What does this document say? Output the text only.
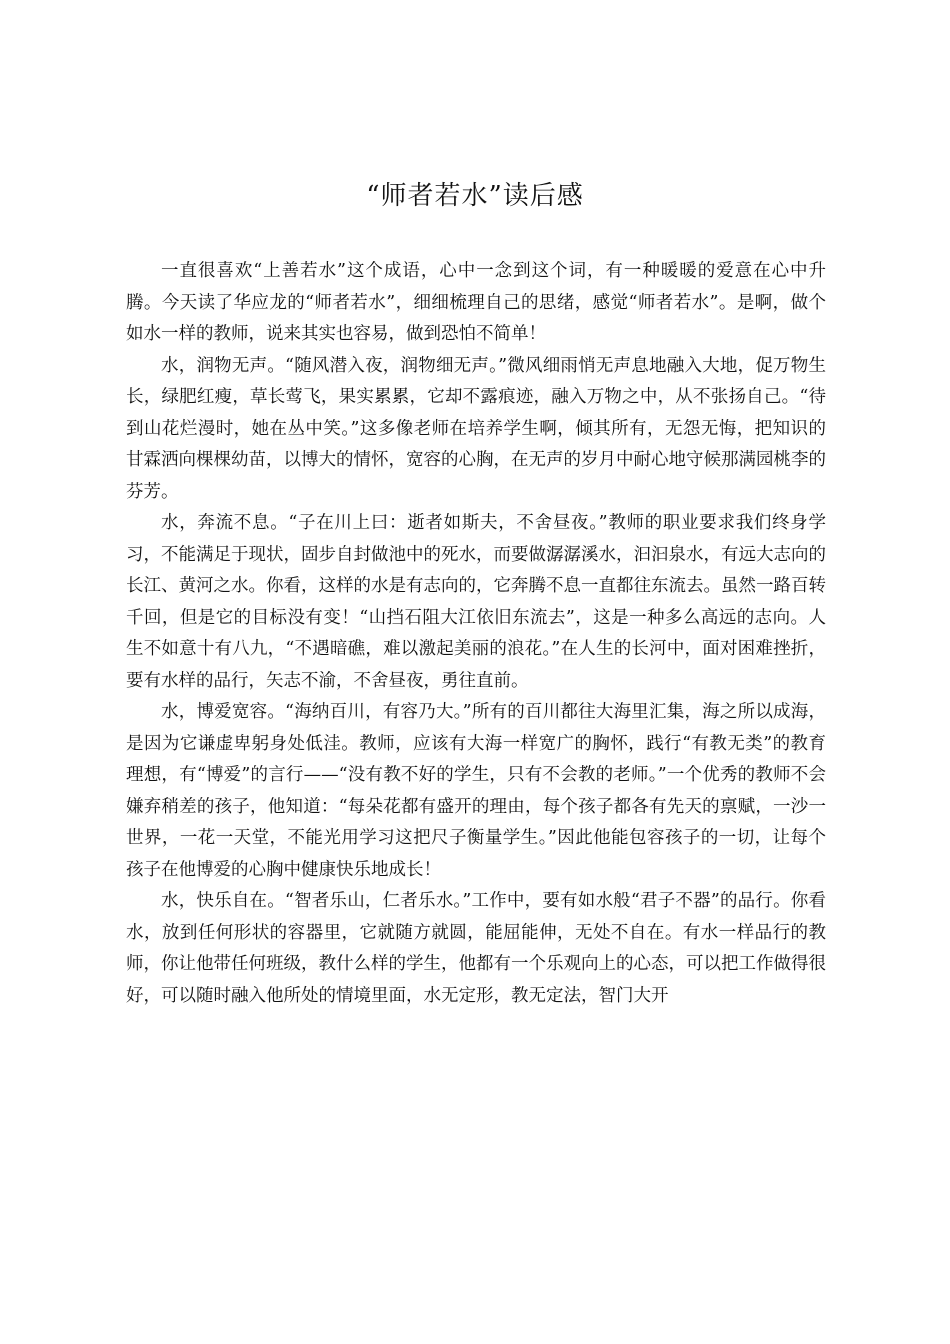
“师者若水”读后感

一直很喜欢“上善若水”这个成语，心中一念到这个词，有一种暖暖的爱意在心中升腾。今天读了华应龙的“师者若水”，细细梳理自己的思绪，感觉“师者若水”。是啊，做个如水一样的教师，说来其实也容易，做到恐怕不简单！

水，润物无声。“随风潜入夜，润物细无声。”微风细雨悄无声息地融入大地，促万物生长，绿肥红瘦，草长莺飞，果实累累，它却不露痕迹，融入万物之中，从不张扬自己。“待到山花烂漫时，她在丛中笑。”这多像老师在培养学生啊，倾其所有，无怨无悔，把知识的甘霖洒向棵棵幼苗，以博大的情怀，宽容的心胸，在无声的岁月中耐心地守候那满园桃李的芬芳。

水，奔流不息。“子在川上曰：逝者如斯夫，不舍昼夜。”教师的职业要求我们终身学习，不能满足于现状，固步自封做池中的死水，而要做潺潺溪水，汩汩泉水，有远大志向的长江、黄河之水。你看，这样的水是有志向的，它奔腾不息一直都往东流去。虽然一路百转千回，但是它的目标没有变！“山挡石阻大江依旧东流去”，这是一种多么高远的志向。人生不如意十有八九，“不遇暗礁，难以激起美丽的浪花。”在人生的长河中，面对困难挫折，要有水样的品行，矢志不渝，不舍昼夜，勇往直前。

水，博爱宽容。“海纳百川，有容乃大。”所有的百川都往大海里汇集，海之所以成海，是因为它谦虚卑躬身处低洼。教师，应该有大海一样宽广的胸怀，践行“有教无类”的教育理想，有“博爱”的言行——“没有教不好的学生，只有不会教的老师。”一个优秀的教师不会嫌弃稍差的孩子，他知道：“每朵花都有盛开的理由，每个孩子都各有先天的禀赋，一沙一世界，一花一天堂，不能光用学习这把尺子衡量学生。”因此他能包容孩子的一切，让每个孩子在他博爱的心胸中健康快乐地成长！

水，快乐自在。“智者乐山，仁者乐水。”工作中，要有如水般“君子不器”的品行。你看水，放到任何形状的容器里，它就随方就圆，能屈能伸，无处不自在。有水一样品行的教师，你让他带任何班级，教什么样的学生，他都有一个乐观向上的心态，可以把工作做得很好，可以随时融入他所处的情境里面，水无定形，教无定法，智门大开
